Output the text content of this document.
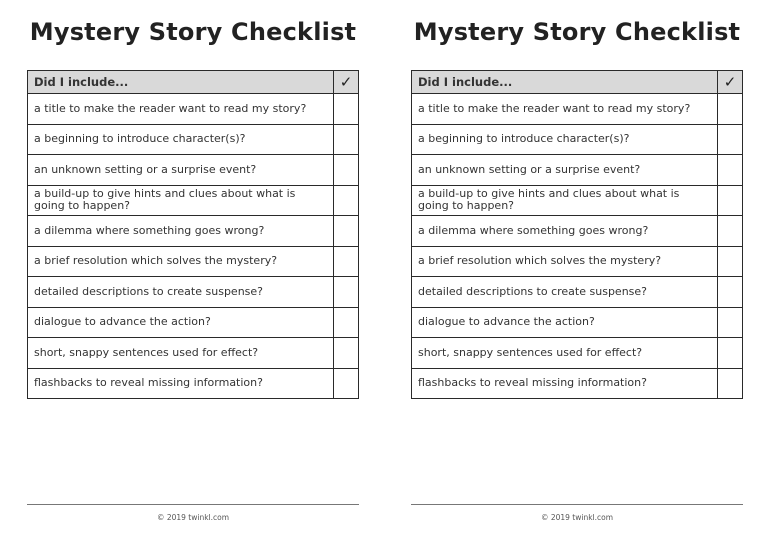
Mystery Story Checklist
Did I include...	✓
a title to make the reader want to read my story?	
a beginning to introduce character(s)?	
an unknown setting or a surprise event?	
a build-up to give hints and clues about what is going to happen?	
a dilemma where something goes wrong?	
a brief resolution which solves the mystery?	
detailed descriptions to create suspense?	
dialogue to advance the action?	
short, snappy sentences used for effect?	
flashbacks to reveal missing information?	
© 2019 twinkl.com
Mystery Story Checklist
Did I include...	✓
a title to make the reader want to read my story?	
a beginning to introduce character(s)?	
an unknown setting or a surprise event?	
a build-up to give hints and clues about what is going to happen?	
a dilemma where something goes wrong?	
a brief resolution which solves the mystery?	
detailed descriptions to create suspense?	
dialogue to advance the action?	
short, snappy sentences used for effect?	
flashbacks to reveal missing information?	
© 2019 twinkl.com
